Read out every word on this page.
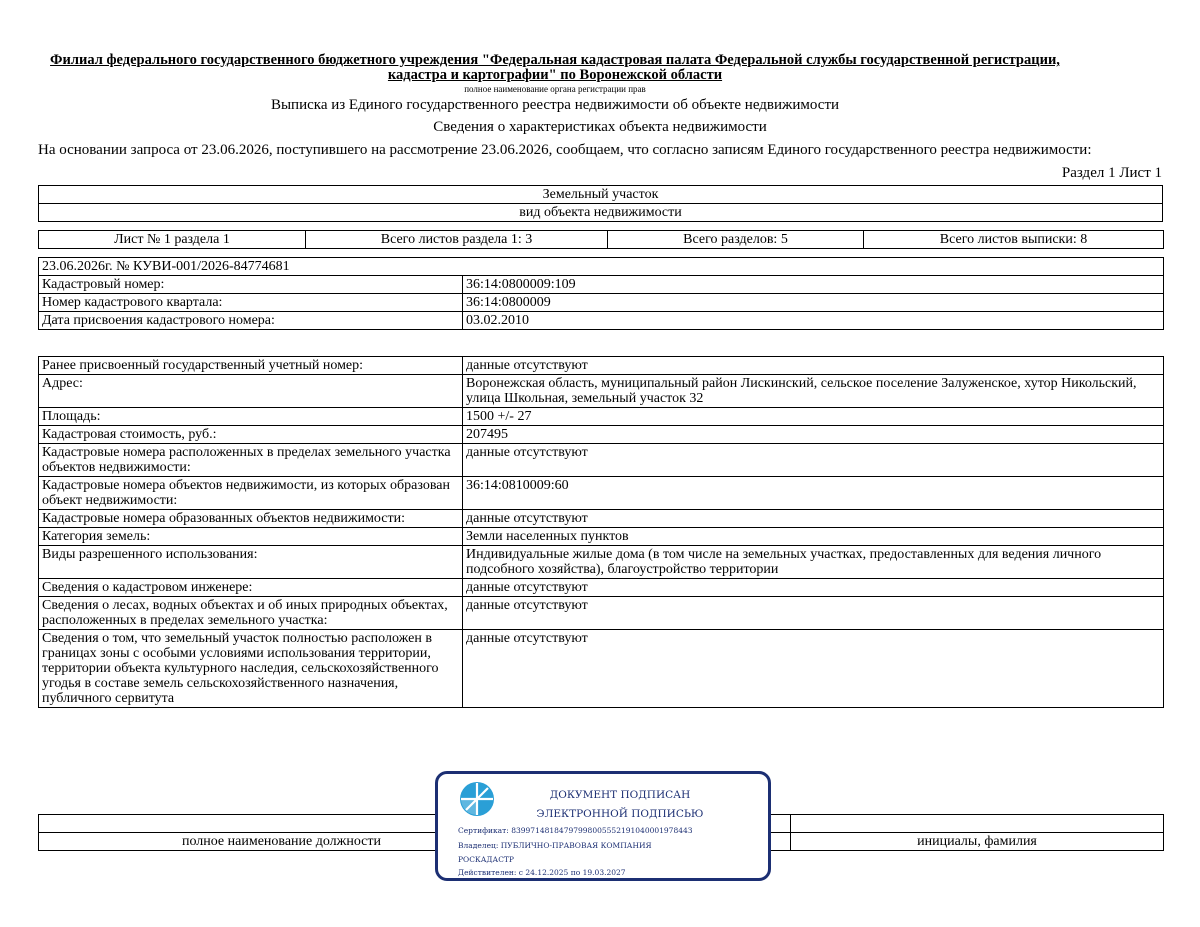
Филиал федерального государственного бюджетного учреждения "Федеральная кадастровая палата Федеральной службы государственной регистрации,
кадастра и картографии" по Воронежской области
полное наименование органа регистрации прав
Выписка из Единого государственного реестра недвижимости об объекте недвижимости
Сведения о характеристиках объекта недвижимости
На основании запроса от 23.06.2026, поступившего на рассмотрение 23.06.2026, сообщаем, что согласно записям Единого государственного реестра недвижимости:
Раздел 1 Лист 1
Земельный участок
вид объекта недвижимости
Лист № 1 раздела 1	Всего листов раздела 1: 3	Всего разделов: 5	Всего листов выписки: 8
23.06.2026г. № КУВИ-001/2026-84774681	
Кадастровый номер:	36:14:0800009:109
Номер кадастрового квартала:	36:14:0800009
Дата присвоения кадастрового номера:	03.02.2010
Ранее присвоенный государственный учетный номер:	данные отсутствуют
Адрес:	Воронежская область, муниципальный район Лискинский, сельское поселение Залуженское, хутор Никольский, улица Школьная, земельный участок 32
Площадь:	1500 +/- 27
Кадастровая стоимость, руб.:	207495
Кадастровые номера расположенных в пределах земельного участка объектов недвижимости:	данные отсутствуют
Кадастровые номера объектов недвижимости, из которых образован объект недвижимости:	36:14:0810009:60
Кадастровые номера образованных объектов недвижимости:	данные отсутствуют
Категория земель:	Земли населенных пунктов
Виды разрешенного использования:	Индивидуальные жилые дома (в том числе на земельных участках, предоставленных для ведения личного подсобного хозяйства), благоустройство территории
Сведения о кадастровом инженере:	данные отсутствуют
Сведения о лесах, водных объектах и об иных природных объектах, расположенных в пределах земельного участка:	данные отсутствуют
Сведения о том, что земельный участок полностью расположен в границах зоны с особыми условиями использования территории, территории объекта культурного наследия, сельскохозяйственного угодья в составе земель сельскохозяйственного назначения, публичного сервитута	данные отсутствуют

полное наименование должности		инициалы, фамилия
ДОКУМЕНТ ПОДПИСАН
ЭЛЕКТРОННОЙ ПОДПИСЬЮ
Сертификат: 8399714818479799800555219104000197844З
Владелец: ПУБЛИЧНО-ПРАВОВАЯ КОМПАНИЯ
РОСКАДАСТР
Действителен: с 24.12.2025 по 19.03.2027
